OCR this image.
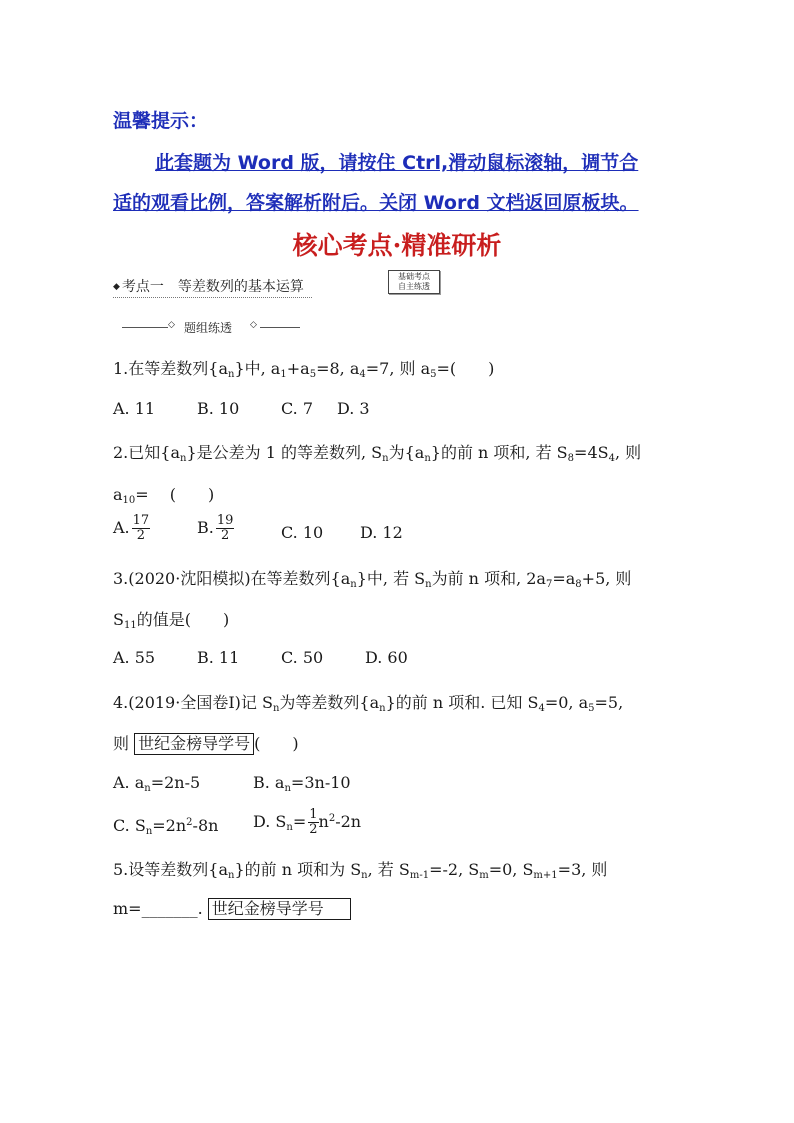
温馨提示：
此套题为 Word 版，请按住 Ctrl,滑动鼠标滚轴，调节合
适的观看比例，答案解析附后。关闭 Word 文档返回原板块。
核心考点·精准研析
◆ 考点一　等差数列的基本运算
基础考点
自主练透
◇ 题组练透 ◇
1.在等差数列$\{a_n\}$中, $a_1+a_5=8$, $a_4=7$, 则 $a_5=$(　　)
A. 11	B. 10	C. 7 D. 3
2.已知$\{a_n\}$是公差为 1 的等差数列, $S_n$为$\{a_n\}$的前 n 项和, 若 $S_8=4S_4$, 则
$a_{10}=$　 (　　)
A. $\frac{17}{2}$	B. $\frac{19}{2}$	C. 10 D. 12
3.(2020·沈阳模拟)在等差数列$\{a_n\}$中, 若 $S_n$为前 n 项和, $2a_7=a_8+5$, 则
$S_{11}$的值是(　　)
A. 55	B. 11	C. 50	D. 60
4.(2019·全国卷Ⅰ)记 $S_n$为等差数列$\{a_n\}$的前 n 项和. 已知 $S_4=0$, $a_5=5$,
则 世纪金榜导学号 (　　)
A. $a_n=2n-5$	B. $a_n=3n-10$
C. $S_n=2n^2-8n$ D. $S_n= \frac{1}{2} n^2-2n$
5.设等差数列$\{a_n\}$的前 n 项和为 $S_n$, 若 $S_{m-1}=-2$, $S_m=0$, $S_{m+1}=3$, 则
m=_______. 世纪金榜导学号
